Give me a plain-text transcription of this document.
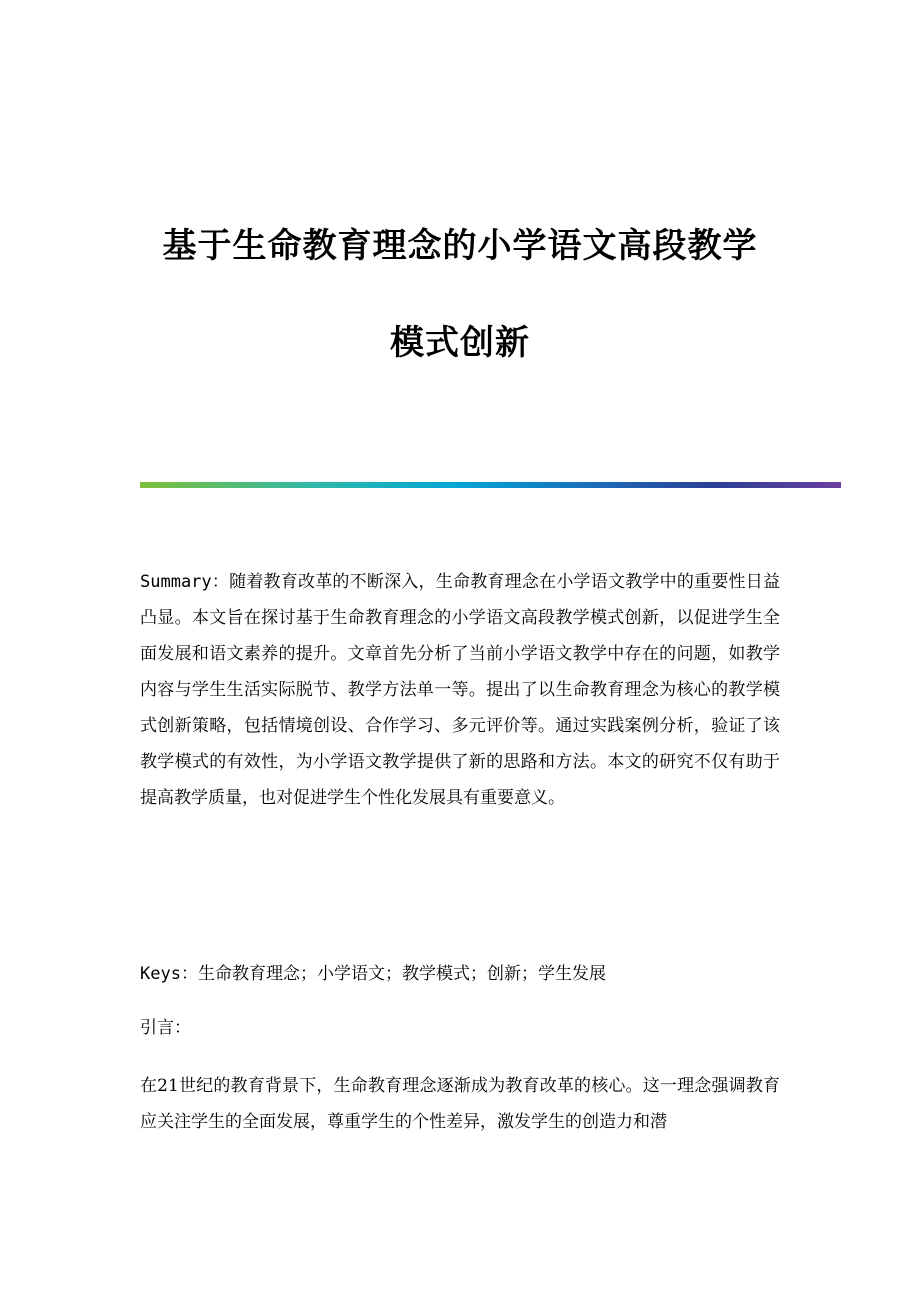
基于生命教育理念的小学语文高段教学
模式创新

Summary：随着教育改革的不断深入，生命教育理念在小学语文教学中的重要性日益凸显。本文旨在探讨基于生命教育理念的小学语文高段教学模式创新，以促进学生全面发展和语文素养的提升。文章首先分析了当前小学语文教学中存在的问题，如教学内容与学生生活实际脱节、教学方法单一等。提出了以生命教育理念为核心的教学模式创新策略，包括情境创设、合作学习、多元评价等。通过实践案例分析，验证了该教学模式的有效性，为小学语文教学提供了新的思路和方法。本文的研究不仅有助于提高教学质量，也对促进学生个性化发展具有重要意义。

Keys：生命教育理念；小学语文；教学模式；创新；学生发展

引言：

在21世纪的教育背景下，生命教育理念逐渐成为教育改革的核心。这一理念强调教育应关注学生的全面发展，尊重学生的个性差异，激发学生的创造力和潜
